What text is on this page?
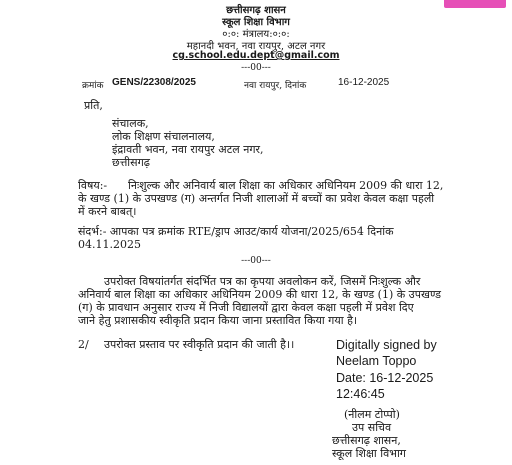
छत्तीसगढ़ शासन
स्कूल शिक्षा विभाग
०:०: मंत्रालय:०:०:
महानदी भवन, नवा रायपुर, अटल नगर
cg.school.edu.dept@gmail.com
---00---
क्रमांक GENS/22308/2025	नवा रायपुर, दिनांक	16-12-2025
प्रति,
संचालक,
लोक शिक्षण संचालनालय,
इंद्रावती भवन, नवा रायपुर अटल नगर,
छत्तीसगढ़
विषय:- निःशुल्क और अनिवार्य बाल शिक्षा का अधिकार अधिनियम 2009 की धारा 12,
के खण्ड (1) के उपखण्ड (ग) अन्तर्गत निजी शालाओं में बच्चों का प्रवेश केवल कक्षा पहली
में करने बाबत्।
संदर्भ:- आपका पत्र क्रमांक RTE/ड्राप आउट/कार्य योजना/2025/654 दिनांक
04.11.2025
---00---
उपरोक्त विषयांतर्गत संदर्भित पत्र का कृपया अवलोकन करें, जिसमें निःशुल्क और
अनिवार्य बाल शिक्षा का अधिकार अधिनियम 2009 की धारा 12, के खण्ड (1) के उपखण्ड
(ग) के प्रावधान अनुसार राज्य में निजी विद्यालयों द्वारा केवल कक्षा पहली में प्रवेश दिए
जाने हेतु प्रशासकीय स्वीकृति प्रदान किया जाना प्रस्तावित किया गया है।
2/ उपरोक्त प्रस्ताव पर स्वीकृति प्रदान की जाती है।।	Digitally signed by
Neelam Toppo
Date: 16-12-2025
12:46:45
(नीलम टोप्पो)
उप सचिव
छत्तीसगढ़ शासन,
स्कूल शिक्षा विभाग
